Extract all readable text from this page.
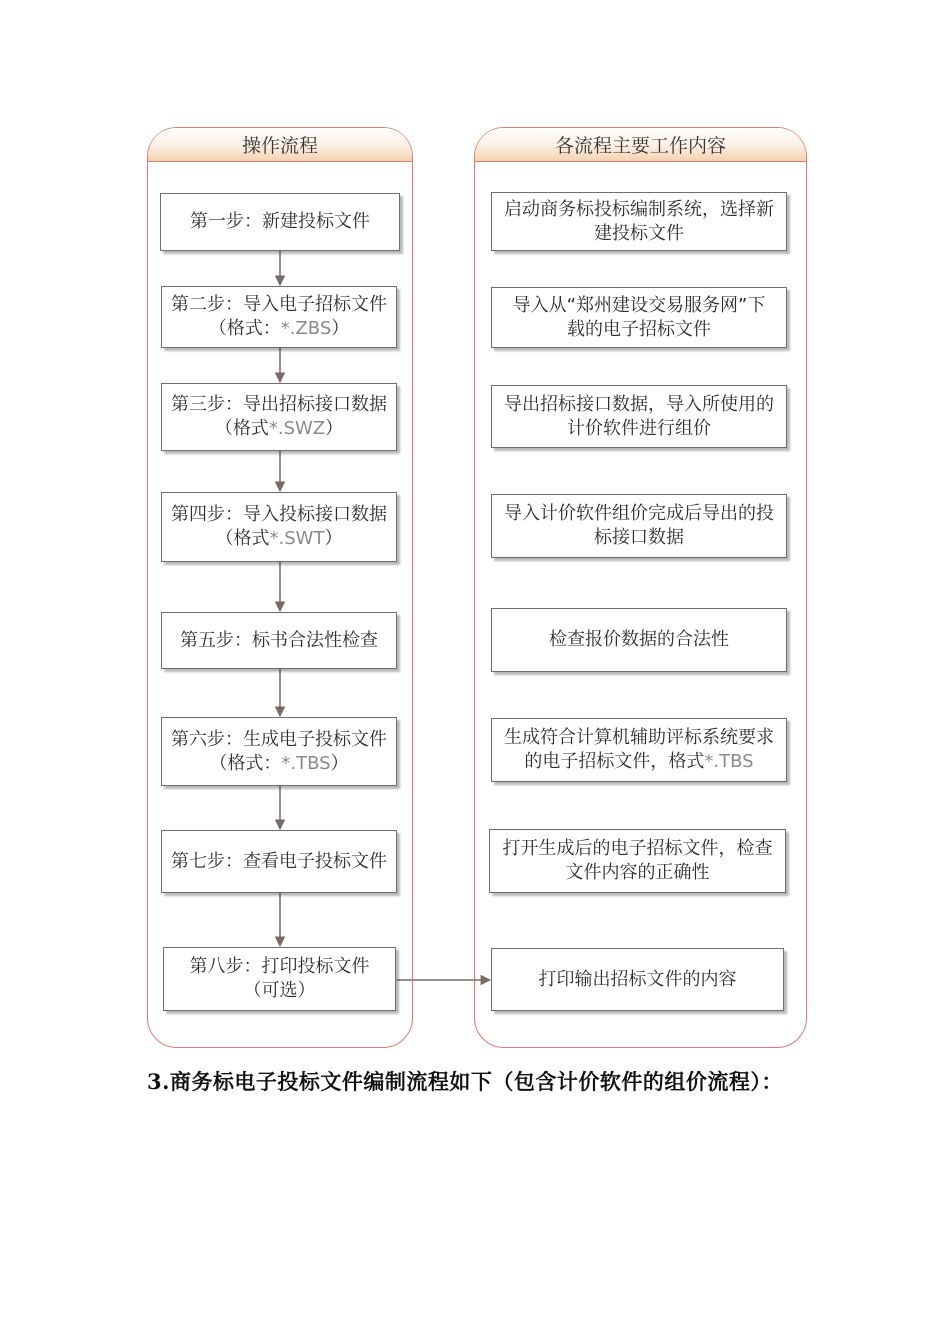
操作流程	各流程主要工作内容
第一步：新建投标文件
第二步：导入电子招标文件
（格式：*.ZBS）
第三步：导出招标接口数据
（格式*.SWZ）
第四步：导入投标接口数据
（格式*.SWT）
第五步：标书合法性检查
第六步：生成电子投标文件
（格式：*.TBS）
第七步：查看电子投标文件
第八步：打印投标文件
（可选）
启动商务标投标编制系统，选择新
建投标文件
导入从“郑州建设交易服务网”下
载的电子招标文件
导出招标接口数据，导入所使用的
计价软件进行组价
导入计价软件组价完成后导出的投
标接口数据
检查报价数据的合法性
生成符合计算机辅助评标系统要求
的电子招标文件，格式*.TBS
打开生成后的电子招标文件，检查
文件内容的正确性
打印输出招标文件的内容
3.商务标电子投标文件编制流程如下（包含计价软件的组价流程）：
